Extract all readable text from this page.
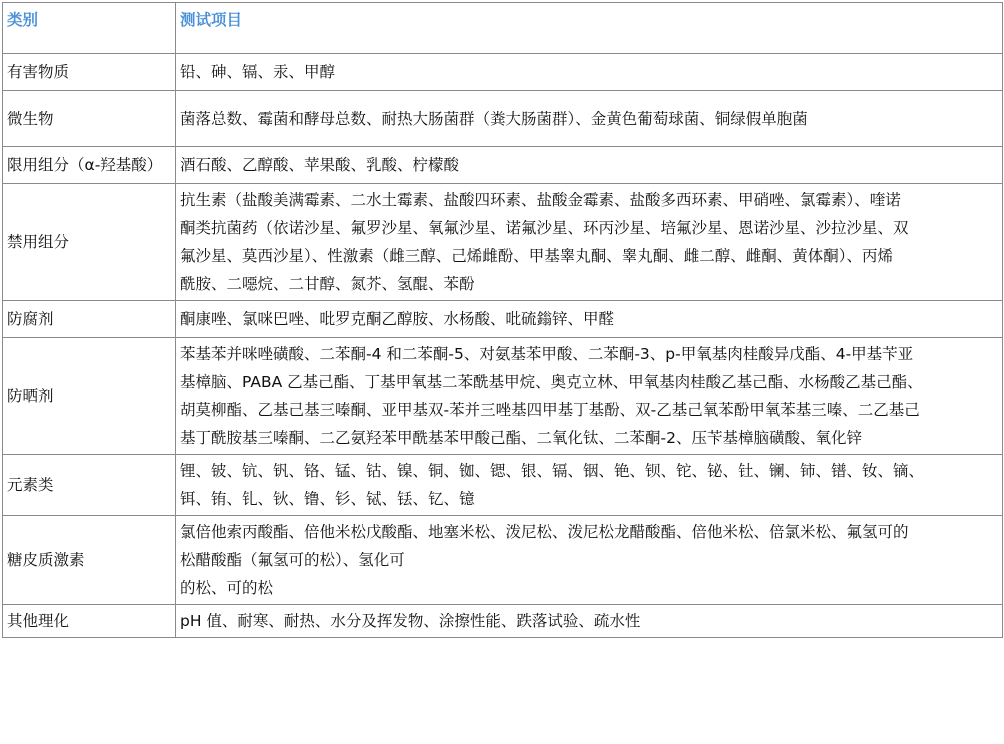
类别	测试项目
有害物质	铅、砷、镉、汞、甲醇

微生物	菌落总数、霉菌和酵母总数、耐热大肠菌群（粪大肠菌群）、金黄色葡萄球菌、铜绿假单胞菌

限用组分（α-羟基酸）	酒石酸、乙醇酸、苹果酸、乳酸、柠檬酸

禁用组分	抗生素（盐酸美满霉素、二水土霉素、盐酸四环素、盐酸金霉素、盐酸多西环素、甲硝唑、氯霉素）、喹诺
酮类抗菌药（依诺沙星、氟罗沙星、氧氟沙星、诺氟沙星、环丙沙星、培氟沙星、恩诺沙星、沙拉沙星、双
氟沙星、莫西沙星）、性激素（雌三醇、己烯雌酚、甲基睾丸酮、睾丸酮、雌二醇、雌酮、黄体酮）、丙烯
酰胺、二噁烷、二甘醇、氮芥、氢醌、苯酚

防腐剂	酮康唑、氯咪巴唑、吡罗克酮乙醇胺、水杨酸、吡硫鎓锌、甲醛

防晒剂	苯基苯并咪唑磺酸、二苯酮-4 和二苯酮-5、对氨基苯甲酸、二苯酮-3、p-甲氧基肉桂酸异戊酯、4-甲基苄亚
基樟脑、PABA 乙基己酯、丁基甲氧基二苯酰基甲烷、奥克立林、甲氧基肉桂酸乙基己酯、水杨酸乙基己酯、
胡莫柳酯、乙基己基三嗪酮、亚甲基双-苯并三唑基四甲基丁基酚、双-乙基己氧苯酚甲氧苯基三嗪、二乙基己
基丁酰胺基三嗪酮、二乙氨羟苯甲酰基苯甲酸己酯、二氧化钛、二苯酮-2、压苄基樟脑磺酸、氧化锌

元素类	锂、铍、钪、钒、铬、锰、钴、镍、铜、铷、锶、银、镉、铟、铯、钡、铊、铋、钍、镧、铈、镨、钕、镝、
铒、铕、钆、钬、镥、钐、铽、铥、钇、镱

糖皮质激素	氯倍他索丙酸酯、倍他米松戊酸酯、地塞米松、泼尼松、泼尼松龙醋酸酯、倍他米松、倍氯米松、氟氢可的
松醋酸酯（氟氢可的松）、氢化可
的松、可的松

其他理化	pH 值、耐寒、耐热、水分及挥发物、涂擦性能、跌落试验、疏水性
